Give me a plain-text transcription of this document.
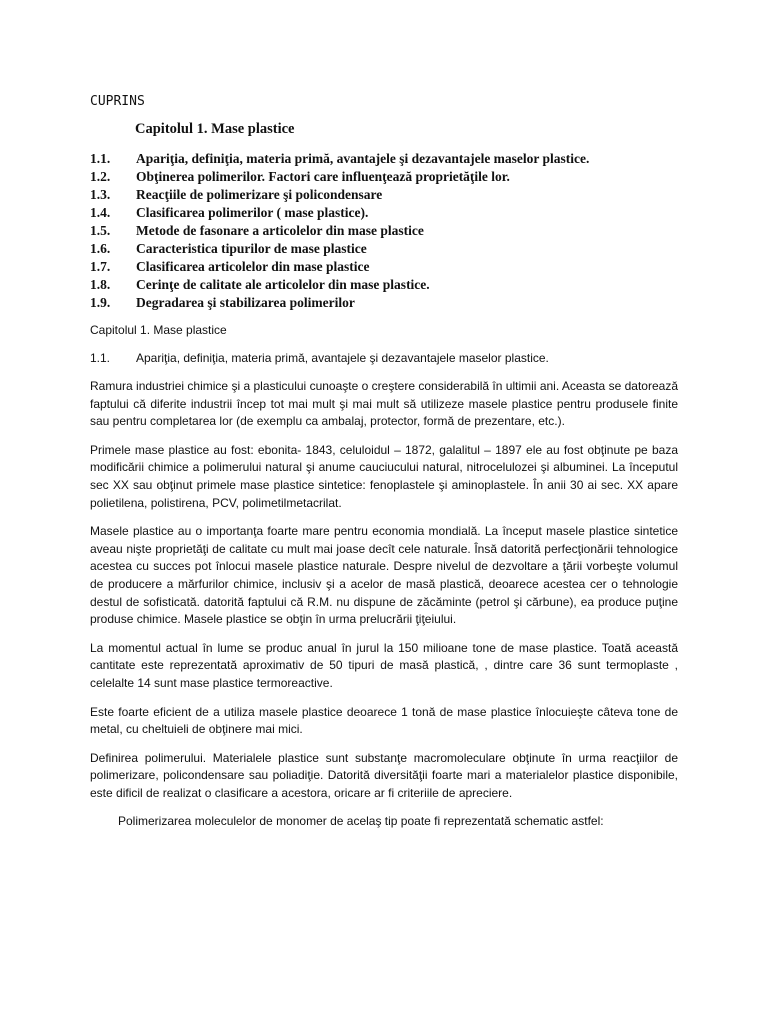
CUPRINS
Capitolul 1. Mase plastice
1.1.	Apariţia, definiţia, materia primă, avantajele şi dezavantajele maselor plastice.
1.2.	Obţinerea polimerilor. Factori care influenţează proprietăţile lor.
1.3.	Reacţiile de polimerizare şi policondensare
1.4.	Clasificarea polimerilor ( mase plastice).
1.5.	Metode de fasonare a articolelor din mase plastice
1.6.	Caracteristica tipurilor de mase plastice
1.7.	Clasificarea articolelor din mase plastice
1.8.	Cerinţe de calitate ale articolelor din mase plastice.
1.9.	Degradarea şi stabilizarea polimerilor
Capitolul 1. Mase plastice
1.1.	Apariţia, definiţia, materia primă, avantajele şi dezavantajele maselor plastice.

Ramura industriei chimice şi a plasticului cunoaşte o creştere considerabilă în ultimii ani. Aceasta se datorează faptului că diferite industrii încep tot mai mult şi mai mult să utilizeze masele plastice pentru produsele finite sau pentru completarea lor (de exemplu ca ambalaj, protector, formă de prezentare, etc.).

Primele mase plastice au fost: ebonita- 1843, celuloidul – 1872, galalitul – 1897 ele au fost obţinute pe baza modificării chimice a polimerului natural şi anume cauciucului natural, nitrocelulozei şi albuminei. La începutul sec XX sau obţinut primele mase plastice sintetice: fenoplastele şi aminoplastele. În anii 30 ai sec. XX apare polietilena, polistirena, PCV, polimetilmetacrilat.

Masele plastice au o importanţa foarte mare pentru economia mondială. La început masele plastice sintetice aveau nişte proprietăţi de calitate cu mult mai joase decît cele naturale. Însă datorită perfecţionării tehnologice acestea cu succes pot înlocui masele plastice naturale. Despre nivelul de dezvoltare a ţării vorbeşte volumul de producere a mărfurilor chimice, inclusiv şi a acelor de masă plastică, deoarece acestea cer o tehnologie destul de sofisticată. datorită faptului că R.M. nu dispune de zăcăminte (petrol şi cărbune), ea produce puţine produse chimice. Masele plastice se obţin în urma prelucrării ţiţeiului.

La momentul actual în lume se produc anual în jurul la 150 milioane tone de mase plastice. Toată această cantitate este reprezentată aproximativ de 50 tipuri de masă plastică, , dintre care 36 sunt termoplaste , celelalte 14 sunt mase plastice termoreactive.

Este foarte eficient de a utiliza masele plastice deoarece 1 tonă de mase plastice înlocuieşte câteva tone de metal, cu cheltuieli de obţinere mai mici.

Definirea polimerului. Materialele plastice sunt substanţe macromoleculare obţinute în urma reacţiilor de polimerizare, policondensare sau poliadiţie. Datorită diversităţii foarte mari a materialelor plastice disponibile, este dificil de realizat o clasificare a acestora, oricare ar fi criteriile de apreciere.

Polimerizarea moleculelor de monomer de acelaş tip poate fi reprezentată schematic astfel:
